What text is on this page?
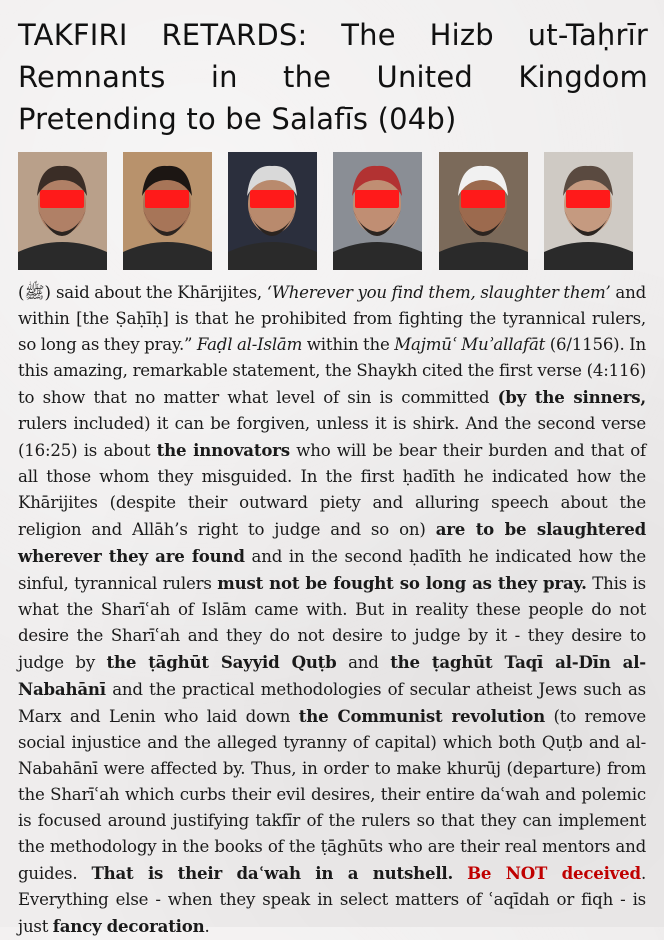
TAKFIRI RETARDS: The Hizb ut-Taḥrīr
Remnants in the United Kingdom
Pretending to be Salafīs (04b)
(ﷺ) said about the Khārijites, ‘Wherever you find them, slaughter them’ and within [the Ṣaḥīḥ] is that he prohibited from fighting the tyrannical rulers, so long as they pray.” Faḍl al-Islām within the Majmūʿ Muʾallafāt (6/1156). In this amazing, remarkable statement, the Shaykh cited the first verse (4:116) to show that no matter what level of sin is committed (by the sinners, rulers included) it can be forgiven, unless it is shirk. And the second verse (16:25) is about the innovators who will be bear their burden and that of all those whom they misguided. In the first ḥadīth he indicated how the Khārijites (despite their outward piety and alluring speech about the religion and Allāh’s right to judge and so on) are to be slaughtered wherever they are found and in the second ḥadīth he indicated how the sinful, tyrannical rulers must not be fought so long as they pray. This is what the Sharīʿah of Islām came with. But in reality these people do not desire the Sharīʿah and they do not desire to judge by it - they desire to judge by the ṭāghūt Sayyid Quṭb and the ṭaghūt Taqī al-Dīn al-Nabahānī and the practical methodologies of secular atheist Jews such as Marx and Lenin who laid down the Communist revolution (to remove social injustice and the alleged tyranny of capital) which both Quṭb and al-Nabahānī were affected by. Thus, in order to make khurūj (departure) from the Sharīʿah which curbs their evil desires, their entire daʿwah and polemic is focused around justifying takfīr of the rulers so that they can implement the methodology in the books of the ṭāghūts who are their real mentors and guides. That is their daʿwah in a nutshell. Be NOT deceived. Everything else - when they speak in select matters of ʿaqīdah or fiqh - is just fancy decoration.
